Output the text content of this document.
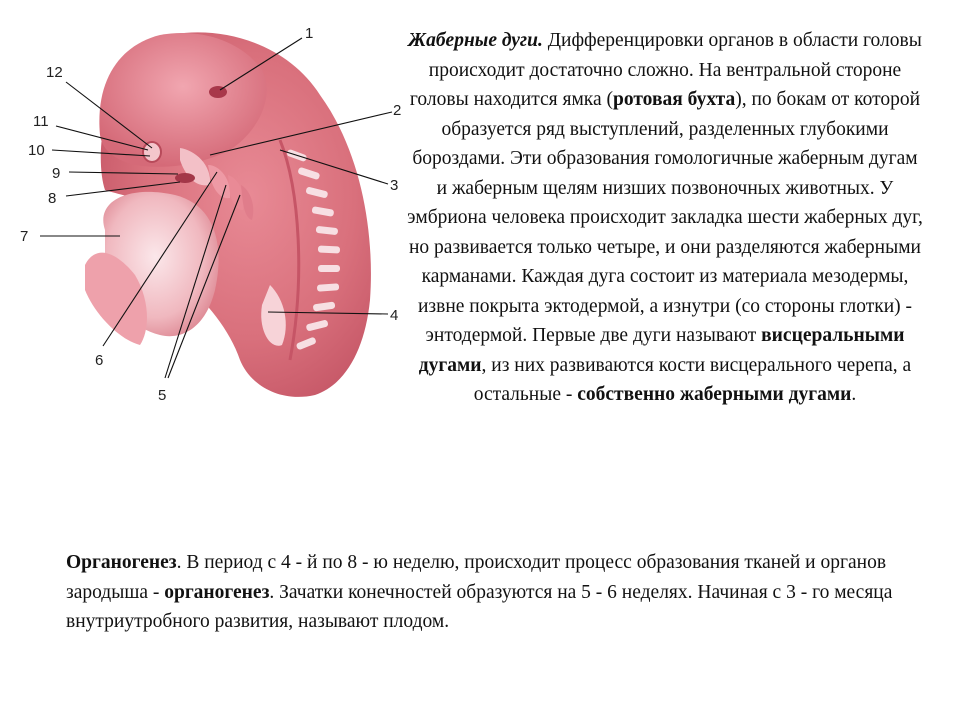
1
2
3
4
5
6
7
8
9
10
11
12

Жаберные дуги. Дифференцировки органов в области головы происходит достаточно сложно. На вентральной стороне головы находится ямка (ротовая бухта), по бокам от которой образуется ряд выступлений, разделенных глубокими бороздами. Эти образования гомологичные жаберным дугам и жаберным щелям низших позвоночных животных. У эмбриона человека происходит закладка шести жаберных дуг, но развивается только четыре, и они разделяются жаберными карманами. Каждая дуга состоит из материала мезодермы, извне покрыта эктодермой, а изнутри (со стороны глотки) - энтодермой. Первые две дуги называют висцеральными дугами, из них развиваются кости висцерального черепа, а остальные - собственно жаберными дугами.

Органогенез. В период с 4 - й по 8 - ю неделю, происходит процесс образования тканей и органов зародыша - органогенез. Зачатки конечностей образуются на 5 - 6 неделях. Начиная с 3 - го месяца внутриутробного развития, называют плодом.
